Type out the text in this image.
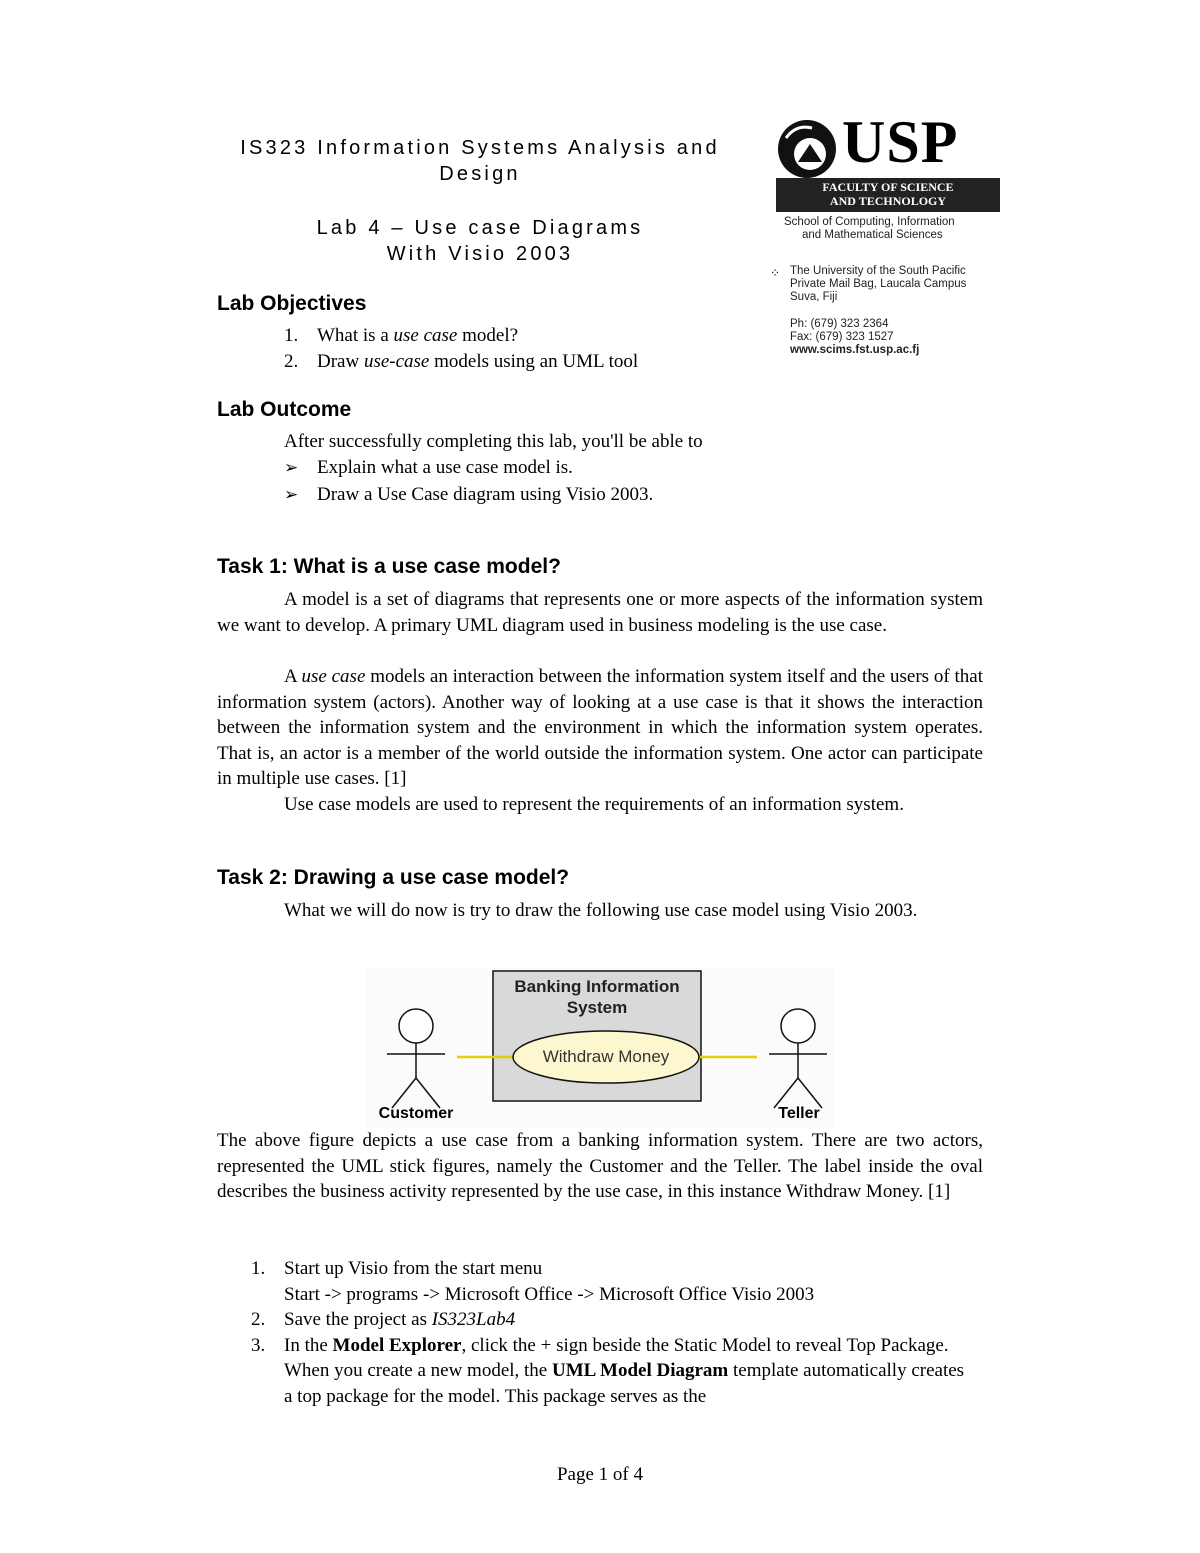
IS323 Information Systems Analysis and
Design
Lab 4 – Use case Diagrams
With Visio 2003
USP
FACULTY OF SCIENCE
AND TECHNOLOGY
School of Computing, Information
and Mathematical Sciences
⁘ The University of the South Pacific
Private Mail Bag, Laucala Campus
Suva, Fiji
Ph: (679) 323 2364
Fax: (679) 323 1527
www.scims.fst.usp.ac.fj
Lab Objectives
1. What is a use case model?
2. Draw use-case models using an UML tool
Lab Outcome
After successfully completing this lab, you'll be able to
➢ Explain what a use case model is.
➢ Draw a Use Case diagram using Visio 2003.
Task 1: What is a use case model?
A model is a set of diagrams that represents one or more aspects of the information system we want to develop. A primary UML diagram used in business modeling is the use case.
A use case models an interaction between the information system itself and the users of that information system (actors). Another way of looking at a use case is that it shows the interaction between the information system and the environment in which the information system operates. That is, an actor is a member of the world outside the information system. One actor can participate in multiple use cases. [1]
Use case models are used to represent the requirements of an information system.
Task 2: Drawing a use case model?
What we will do now is try to draw the following use case model using Visio 2003.
Banking Information
System
Withdraw Money
Customer	Teller
The above figure depicts a use case from a banking information system. There are two actors, represented the UML stick figures, namely the Customer and the Teller. The label inside the oval describes the business activity represented by the use case, in this instance Withdraw Money. [1]
1. Start up Visio from the start menu
Start -> programs -> Microsoft Office -> Microsoft Office Visio 2003
2. Save the project as IS323Lab4
3. In the Model Explorer, click the + sign beside the Static Model to reveal Top Package. When you create a new model, the UML Model Diagram template automatically creates a top package for the model. This package serves as the
Page 1 of 4
